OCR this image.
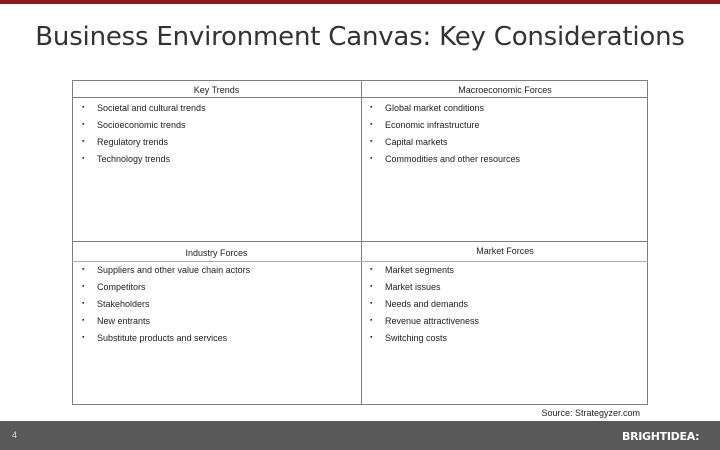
Business Environment Canvas: Key Considerations
Key Trends
▪ Societal and cultural trends
▪ Socioeconomic trends
▪ Regulatory trends
▪ Technology trends
Macroeconomic Forces
▪ Global market conditions
▪ Economic infrastructure
▪ Capital markets
▪ Commodities and other resources
Industry Forces
▪ Suppliers and other value chain actors
▪ Competitors
▪ Stakeholders
▪ New entrants
▪ Substitute products and services
Market Forces
▪ Market segments
▪ Market issues
▪ Needs and demands
▪ Revenue attractiveness
▪ Switching costs
Source: Strategyzer.com
4	BRIGHTIDEA:
